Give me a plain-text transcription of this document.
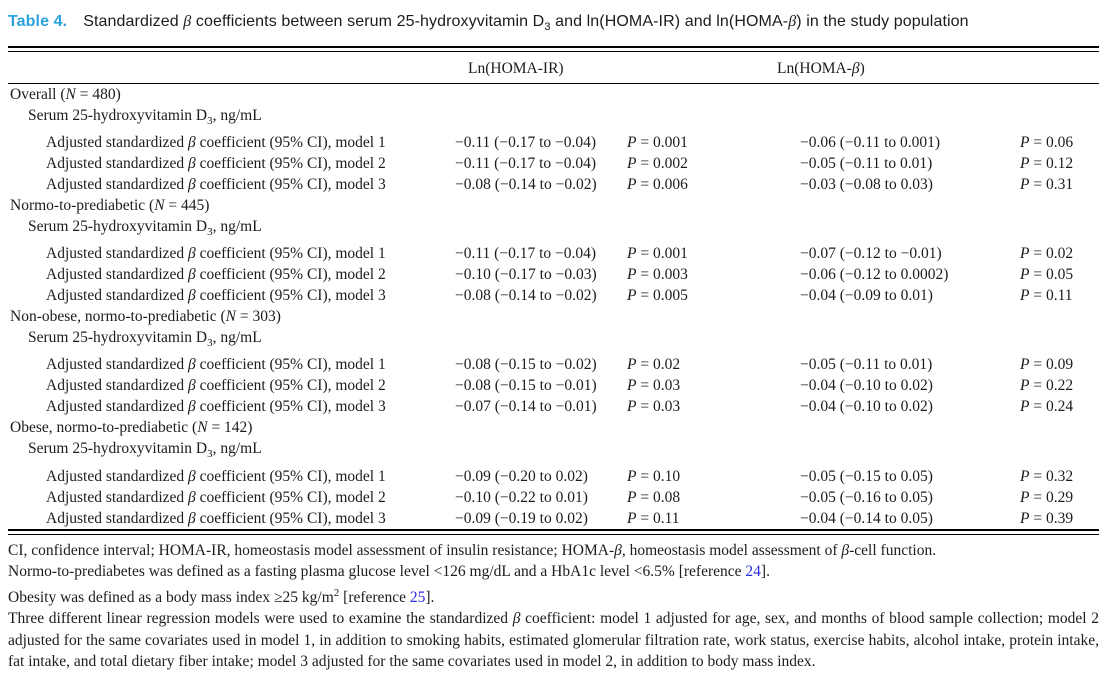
Table 4. Standardized β coefficients between serum 25-hydroxyvitamin $D_3$ and ln(HOMA-IR) and ln(HOMA-β) in the study population
Ln(HOMA-IR)	Ln(HOMA-β)
Overall (N = 480)
Serum 25-hydroxyvitamin $D_3$, ng/mL
Adjusted standardized β coefficient (95% CI), model 1	−0.11 (−0.17 to −0.04)	P = 0.001	−0.06 (−0.11 to 0.001)	P = 0.06
Adjusted standardized β coefficient (95% CI), model 2	−0.11 (−0.17 to −0.04)	P = 0.002	−0.05 (−0.11 to 0.01)	P = 0.12
Adjusted standardized β coefficient (95% CI), model 3	−0.08 (−0.14 to −0.02)	P = 0.006	−0.03 (−0.08 to 0.03)	P = 0.31
Normo-to-prediabetic (N = 445)
Serum 25-hydroxyvitamin $D_3$, ng/mL
Adjusted standardized β coefficient (95% CI), model 1	−0.11 (−0.17 to −0.04)	P = 0.001	−0.07 (−0.12 to −0.01)	P = 0.02
Adjusted standardized β coefficient (95% CI), model 2	−0.10 (−0.17 to −0.03)	P = 0.003	−0.06 (−0.12 to 0.0002)	P = 0.05
Adjusted standardized β coefficient (95% CI), model 3	−0.08 (−0.14 to −0.02)	P = 0.005	−0.04 (−0.09 to 0.01)	P = 0.11
Non-obese, normo-to-prediabetic (N = 303)
Serum 25-hydroxyvitamin $D_3$, ng/mL
Adjusted standardized β coefficient (95% CI), model 1	−0.08 (−0.15 to −0.02)	P = 0.02	−0.05 (−0.11 to 0.01)	P = 0.09
Adjusted standardized β coefficient (95% CI), model 2	−0.08 (−0.15 to −0.01)	P = 0.03	−0.04 (−0.10 to 0.02)	P = 0.22
Adjusted standardized β coefficient (95% CI), model 3	−0.07 (−0.14 to −0.01)	P = 0.03	−0.04 (−0.10 to 0.02)	P = 0.24
Obese, normo-to-prediabetic (N = 142)
Serum 25-hydroxyvitamin $D_3$, ng/mL
Adjusted standardized β coefficient (95% CI), model 1	−0.09 (−0.20 to 0.02)	P = 0.10	−0.05 (−0.15 to 0.05)	P = 0.32
Adjusted standardized β coefficient (95% CI), model 2	−0.10 (−0.22 to 0.01)	P = 0.08	−0.05 (−0.16 to 0.05)	P = 0.29
Adjusted standardized β coefficient (95% CI), model 3	−0.09 (−0.19 to 0.02)	P = 0.11	−0.04 (−0.14 to 0.05)	P = 0.39
CI, confidence interval; HOMA-IR, homeostasis model assessment of insulin resistance; HOMA-β, homeostasis model assessment of β-cell function.
Normo-to-prediabetes was defined as a fasting plasma glucose level <126 mg/dL and a HbA1c level <6.5% [reference 24].
Obesity was defined as a body mass index ≥25 $kg/m^2$ [reference 25].
Three different linear regression models were used to examine the standardized β coefficient: model 1 adjusted for age, sex, and months of blood sample collection; model 2 adjusted for the same covariates used in model 1, in addition to smoking habits, estimated glomerular filtration rate, work status, exercise habits, alcohol intake, protein intake, fat intake, and total dietary fiber intake; model 3 adjusted for the same covariates used in model 2, in addition to body mass index.
